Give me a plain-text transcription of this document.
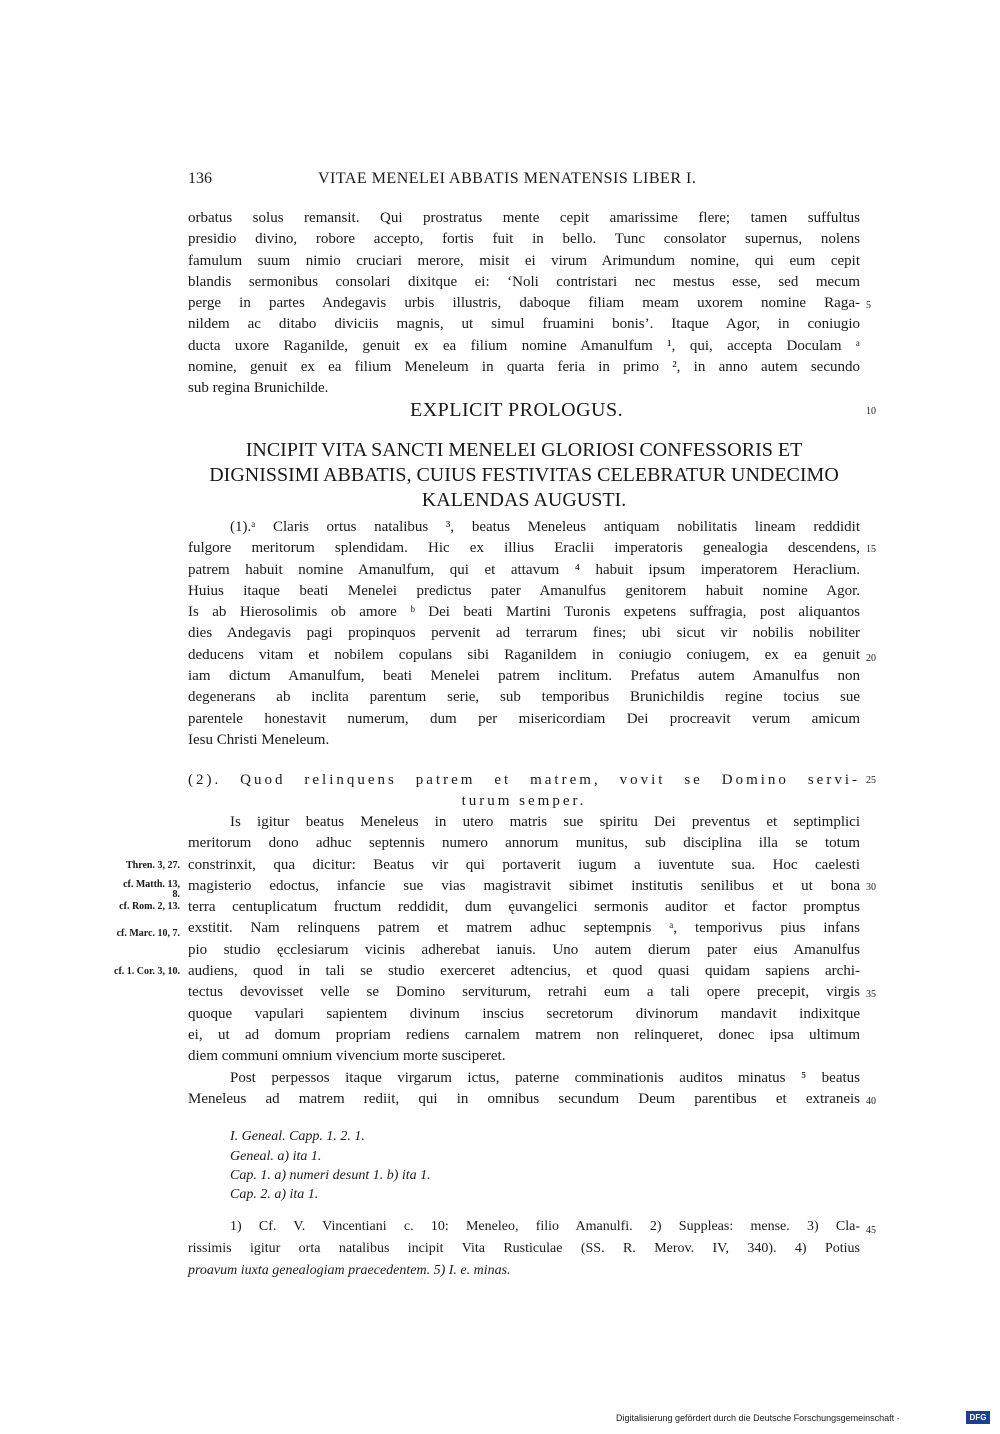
136	VITAE MENELEI ABBATIS MENATENSIS LIBER I.
orbatus solus remansit. Qui prostratus mente cepit amarissime flere; tamen suffultus
presidio divino, robore accepto, fortis fuit in bello. Tunc consolator supernus, nolens
famulum suum nimio cruciari merore, misit ei virum Arimundum nomine, qui eum cepit
blandis sermonibus consolari dixitque ei: ‘Noli contristari nec mestus esse, sed mecum
perge in partes Andegavis urbis illustris, daboque filiam meam uxorem nomine Raga-
nildem ac ditabo diviciis magnis, ut simul fruamini bonis’. Itaque Agor, in coniugio
ducta uxore Raganilde, genuit ex ea filium nomine Amanulfum ¹, qui, accepta Doculam ᵃ
nomine, genuit ex ea filium Meneleum in quarta feria in primo ², in anno autem secundo
sub regina Brunichilde.
EXPLICIT PROLOGUS.
INCIPIT VITA SANCTI MENELEI GLORIOSI CONFESSORIS ET
DIGNISSIMI ABBATIS, CUIUS FESTIVITAS CELEBRATUR UNDECIMO
KALENDAS AUGUSTI.
(1).ᵃ Claris ortus natalibus ³, beatus Meneleus antiquam nobilitatis lineam reddidit
fulgore meritorum splendidam. Hic ex illius Eraclii imperatoris genealogia descendens,
patrem habuit nomine Amanulfum, qui et attavum ⁴ habuit ipsum imperatorem Heraclium.
Huius itaque beati Menelei predictus pater Amanulfus genitorem habuit nomine Agor.
Is ab Hierosolimis ob amore ᵇ Dei beati Martini Turonis expetens suffragia, post aliquantos
dies Andegavis pagi propinquos pervenit ad terrarum fines; ubi sicut vir nobilis nobiliter
deducens vitam et nobilem copulans sibi Raganildem in coniugio coniugem, ex ea genuit
iam dictum Amanulfum, beati Menelei patrem inclitum. Prefatus autem Amanulfus non
degenerans ab inclita parentum serie, sub temporibus Brunichildis regine tocius sue
parentele honestavit numerum, dum per misericordiam Dei procreavit verum amicum
Iesu Christi Meneleum.
(2). Quod relinquens patrem et matrem, vovit se Domino servi-
turum semper.
Is igitur beatus Meneleus in utero matris sue spiritu Dei preventus et septimplici
meritorum dono adhuc septennis numero annorum munitus, sub disciplina illa se totum
constrinxit, qua dicitur: Beatus vir qui portaverit iugum a iuventute sua. Hoc caelesti
magisterio edoctus, infancie sue vias magistravit sibimet institutis senilibus et ut bona
terra centuplicatum fructum reddidit, dum ęuvangelici sermonis auditor et factor promptus
exstitit. Nam relinquens patrem et matrem adhuc septempnis ᵃ, temporivus pius infans
pio studio ęcclesiarum vicinis adherebat ianuis. Uno autem dierum pater eius Amanulfus
audiens, quod in tali se studio exerceret adtencius, et quod quasi quidam sapiens archi-
tectus devovisset velle se Domino serviturum, retrahi eum a tali opere precepit, virgis
quoque vapulari sapientem divinum inscius secretorum divinorum mandavit indixitque
ei, ut ad domum propriam rediens carnalem matrem non relinqueret, donec ipsa ultimum
diem communi omnium vivencium morte susciperet.
Post perpessos itaque virgarum ictus, paterne comminationis auditos minatus ⁵ beatus
Meneleus ad matrem rediit, qui in omnibus secundum Deum parentibus et extraneis
5
10
15
20
25
30
35
40
45
Thren. 3, 27.
cf. Matth. 13, 8.
cf. Rom. 2, 13.
cf. Marc. 10, 7.
cf. 1. Cor. 3, 10.
I. Geneal. Capp. 1. 2. 1.
Geneal. a) ita 1.
Cap. 1. a) numeri desunt 1. b) ita 1.
Cap. 2. a) ita 1.
1) Cf. V. Vincentiani c. 10: Meneleo, filio Amanulfi. 2) Suppleas: mense. 3) Cla-
rissimis igitur orta natalibus incipit Vita Rusticulae (SS. R. Merov. IV, 340). 4) Potius
proavum iuxta genealogiam praecedentem. 5) I. e. minas.
Digitalisierung gefördert durch die Deutsche Forschungsgemeinschaft ·	DFG
